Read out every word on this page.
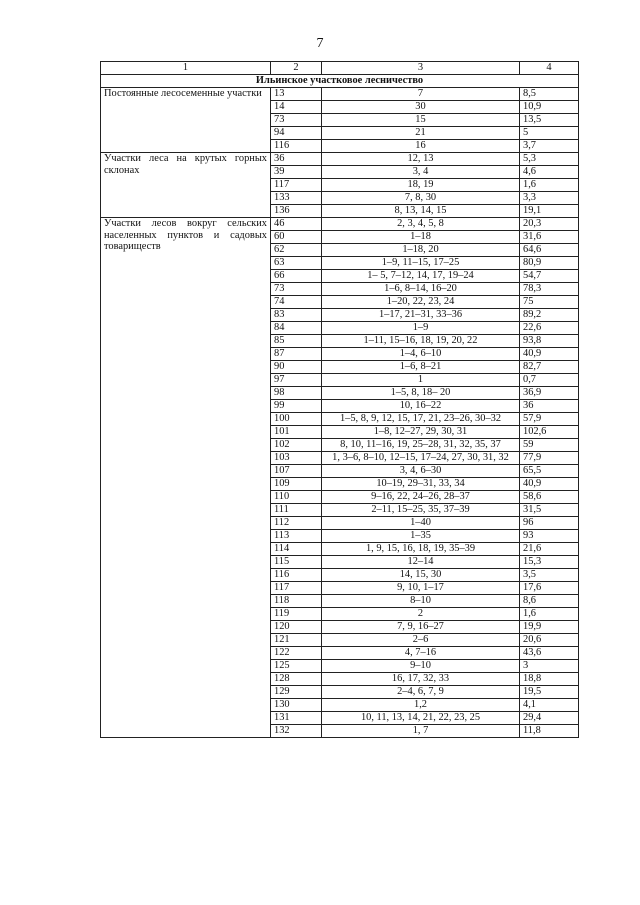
7
1	2	3	4
Ильинское участковое лесничество			
Постоянные лесосеменные участки	13	7	8,5
	14	30	10,9
	73	15	13,5
	94	21	5
	116	16	3,7
Участки леса на крутых горных склонах	36	12, 13	5,3
	39	3, 4	4,6
	117	18, 19	1,6
	133	7, 8, 30	3,3
	136	8, 13, 14, 15	19,1
Участки лесов вокруг сельских населенных пунктов и садовых товариществ	46	2, 3, 4, 5, 8	20,3
	60	1–18	31,6
	62	1–18, 20	64,6
	63	1–9, 11–15, 17–25	80,9
	66	1– 5, 7–12, 14, 17, 19–24	54,7
	73	1–6, 8–14, 16–20	78,3
	74	1–20, 22, 23, 24	75
	83	1–17, 21–31, 33–36	89,2
	84	1–9	22,6
	85	1–11, 15–16, 18, 19, 20, 22	93,8
	87	1–4, 6–10	40,9
	90	1–6, 8–21	82,7
	97	1	0,7
	98	1–5, 8, 18– 20	36,9
	99	10, 16–22	36
	100	1–5, 8, 9, 12, 15, 17, 21, 23–26, 30–32	57,9
	101	1–8, 12–27, 29, 30, 31	102,6
	102	8, 10, 11–16, 19, 25–28, 31, 32, 35, 37	59
	103	1, 3–6, 8–10, 12–15, 17–24, 27, 30, 31, 32	77,9
	107	3, 4, 6–30	65,5
	109	10–19, 29–31, 33, 34	40,9
	110	9–16, 22, 24–26, 28–37	58,6
	111	2–11, 15–25, 35, 37–39	31,5
	112	1–40	96
	113	1–35	93
	114	1, 9, 15, 16, 18, 19, 35–39	21,6
	115	12–14	15,3
	116	14, 15, 30	3,5
	117	9, 10, 1–17	17,6
	118	8–10	8,6
	119	2	1,6
	120	7, 9, 16–27	19,9
	121	2–6	20,6
	122	4, 7–16	43,6
	125	9–10	3
	128	16, 17, 32, 33	18,8
	129	2–4, 6, 7, 9	19,5
	130	1,2	4,1
	131	10, 11, 13, 14, 21, 22, 23, 25	29,4
	132	1, 7	11,8
